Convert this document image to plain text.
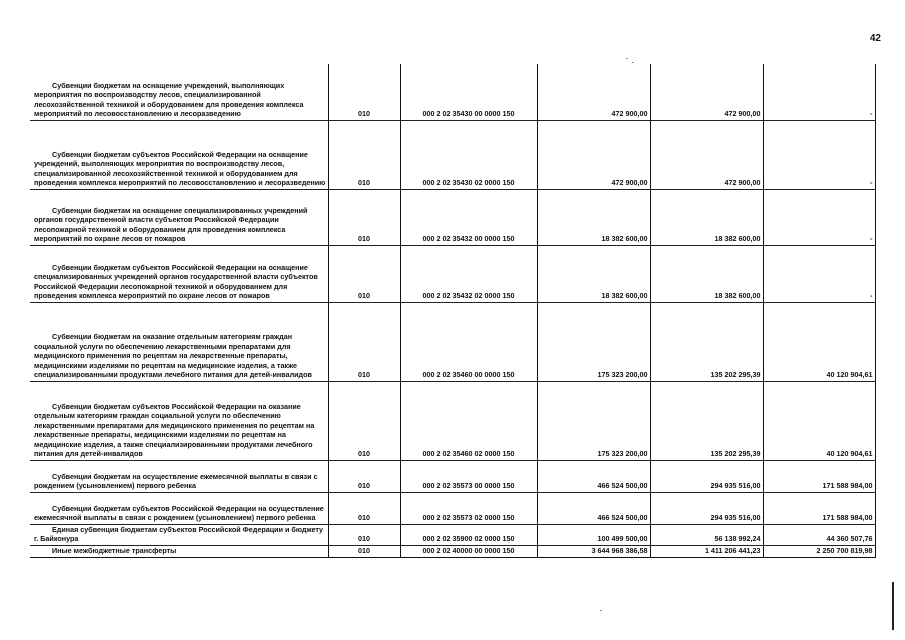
42
Субвенции бюджетам на оснащение учреждений, выполняющих мероприятия по воспроизводству лесов, специализированной лесохозяйственной техникой и оборудованием для проведения комплекса мероприятий по лесовосстановлению и лесоразведению	010	000 2 02 35430 00 0000 150	472 900,00	472 900,00	-

Субвенции бюджетам субъектов Российской Федерации на оснащение учреждений, выполняющих мероприятия по воспроизводству лесов, специализированной лесохозяйственной техникой и оборудованием для проведения комплекса мероприятий по лесовосстановлению и лесоразведению	010	000 2 02 35430 02 0000 150	472 900,00	472 900,00	-

Субвенции бюджетам на оснащение специализированных учреждений органов государственной власти субъектов Российской Федерации лесопожарной техникой и оборудованием для проведения комплекса мероприятий по охране лесов от пожаров	010	000 2 02 35432 00 0000 150	18 382 600,00	18 382 600,00	-

Субвенции бюджетам субъектов Российской Федерации на оснащение специализированных учреждений органов государственной власти субъектов Российской Федерации лесопожарной техникой и оборудованием для проведения комплекса мероприятий по охране лесов от пожаров	010	000 2 02 35432 02 0000 150	18 382 600,00	18 382 600,00	-

Субвенции бюджетам на оказание отдельным категориям граждан социальной услуги по обеспечению лекарственными препаратами для медицинского применения по рецептам на лекарственные препараты, медицинскими изделиями по рецептам на медицинские изделия, а также специализированными продуктами лечебного питания для детей-инвалидов	010	000 2 02 35460 00 0000 150	175 323 200,00	135 202 295,39	40 120 904,61

Субвенции бюджетам субъектов Российской Федерации на оказание отдельным категориям граждан социальной услуги по обеспечению лекарственными препаратами для медицинского применения по рецептам на лекарственные препараты, медицинскими изделиями по рецептам на медицинские изделия, а также специализированными продуктами лечебного питания для детей-инвалидов	010	000 2 02 35460 02 0000 150	175 323 200,00	135 202 295,39	40 120 904,61

Субвенции бюджетам на осуществление ежемесячной выплаты в связи с рождением (усыновлением) первого ребенка	010	000 2 02 35573 00 0000 150	466 524 500,00	294 935 516,00	171 588 984,00

Субвенции бюджетам субъектов Российской Федерации на осуществление ежемесячной выплаты в связи с рождением (усыновлением) первого ребенка	010	000 2 02 35573 02 0000 150	466 524 500,00	294 935 516,00	171 588 984,00

Единая субвенция бюджетам субъектов Российской Федерации и бюджету г. Байконура	010	000 2 02 35900 02 0000 150	100 499 500,00	56 138 992,24	44 360 507,76

Иные межбюджетные трансферты	010	000 2 02 40000 00 0000 150	3 644 968 386,58	1 411 206 441,23	2 250 700 819,98
